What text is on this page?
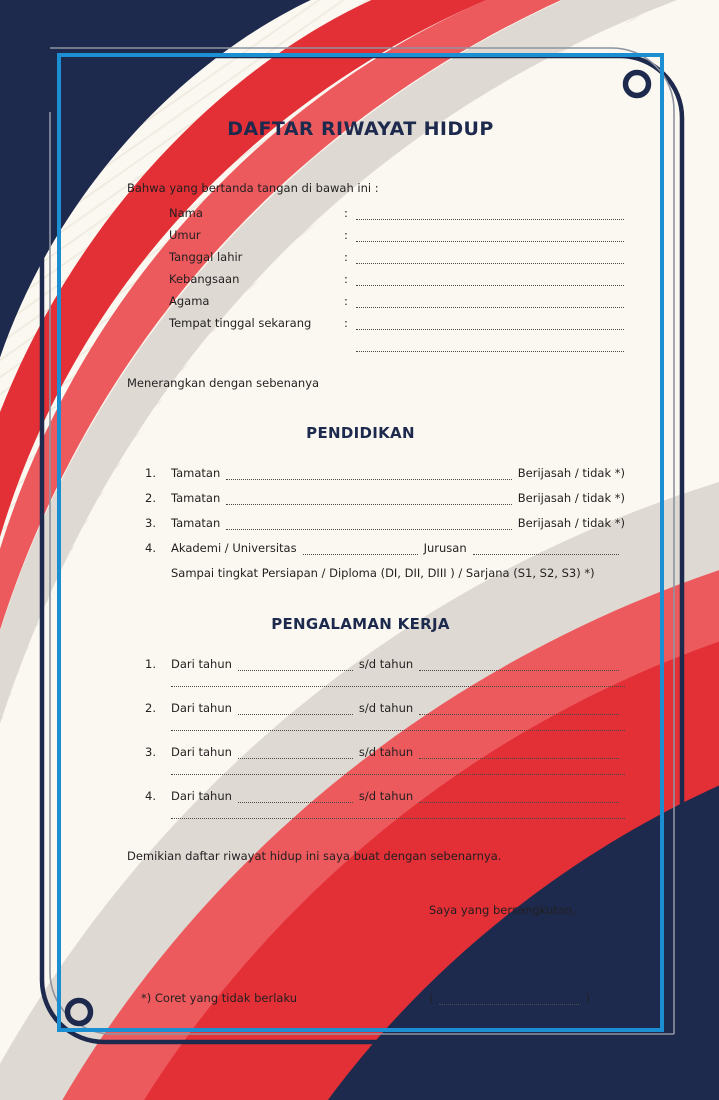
DAFTAR RIWAYAT HIDUP
Bahwa yang bertanda tangan di bawah ini :
Nama	:	

Umur	:	

Tanggal lahir	:	

Kebangsaan	:	

Agama	:	

Tempat tinggal sekarang	:	

Menerangkan dengan sebenanya
PENDIDIKAN
1.	Tamatan	Berijasah / tidak *)
2.	Tamatan	Berijasah / tidak *)
3.	Tamatan	Berijasah / tidak *)
4.	Akademi / Universitas	Jurusan
Sampai tingkat Persiapan / Diploma (DI, DII, DIII ) / Sarjana (S1, S2, S3) *)
PENGALAMAN KERJA
1.	Dari tahun	s/d tahun
2.	Dari tahun	s/d tahun
3.	Dari tahun	s/d tahun
4.	Dari tahun	s/d tahun
Demikian daftar riwayat hidup ini saya buat dengan sebenarnya.
Saya yang bersangkutan,
*) Coret yang tidak berlaku	(	)
